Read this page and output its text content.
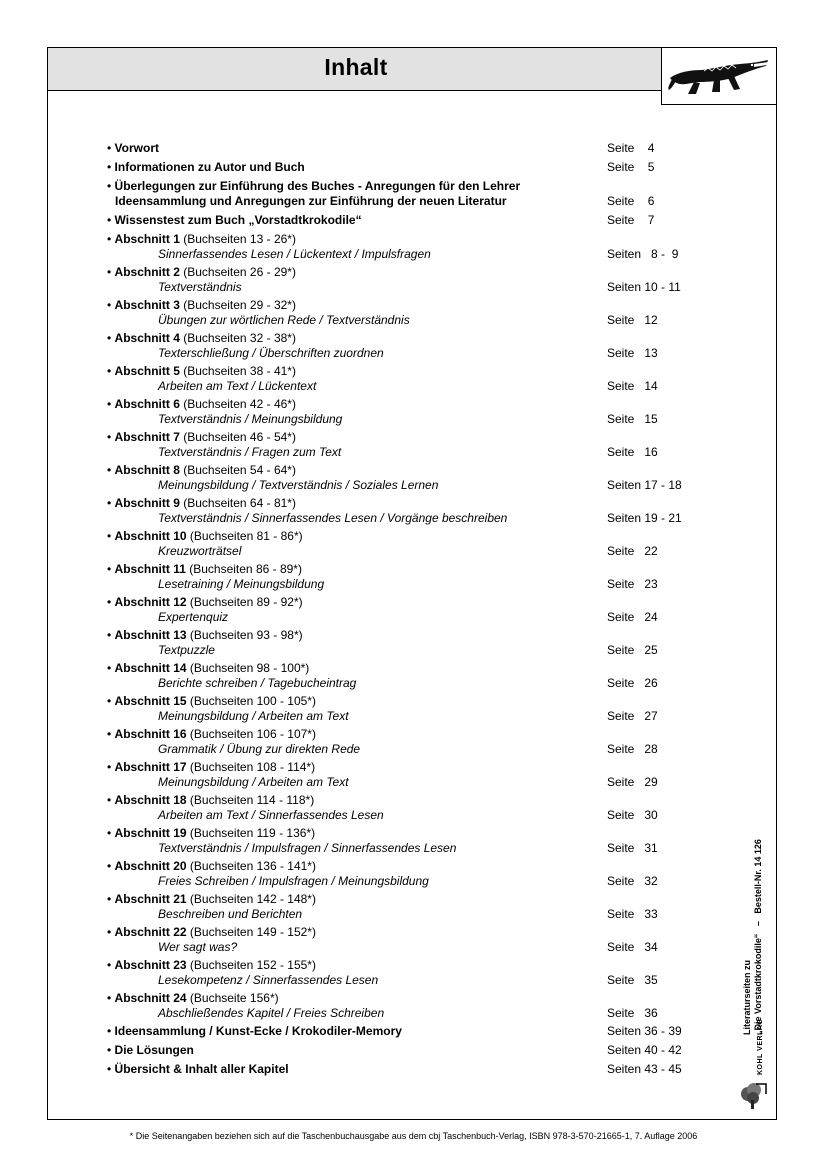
Inhalt
• Vorwort	Seite    4
• Informationen zu Autor und Buch	Seite    5
• Überlegungen zur Einführung des Buches - Anregungen für den Lehrer
Ideensammlung und Anregungen zur Einführung der neuen Literatur	Seite    6
• Wissenstest zum Buch „Vorstadtkrokodile“	Seite    7
• Abschnitt 1 (Buchseiten 13 - 26*)
Sinnerfassendes Lesen / Lückentext / Impulsfragen	Seiten   8 -  9
• Abschnitt 2 (Buchseiten 26 - 29*)
Textverständnis	Seiten 10 - 11
• Abschnitt 3 (Buchseiten 29 - 32*)
Übungen zur wörtlichen Rede / Textverständnis	Seite   12
• Abschnitt 4 (Buchseiten 32 - 38*)
Texterschließung / Überschriften zuordnen	Seite   13
• Abschnitt 5 (Buchseiten 38 - 41*)
Arbeiten am Text / Lückentext	Seite   14
• Abschnitt 6 (Buchseiten 42 - 46*)
Textverständnis / Meinungsbildung	Seite   15
• Abschnitt 7 (Buchseiten 46 - 54*)
Textverständnis / Fragen zum Text	Seite   16
• Abschnitt 8 (Buchseiten 54 - 64*)
Meinungsbildung / Textverständnis / Soziales Lernen	Seiten 17 - 18
• Abschnitt 9 (Buchseiten 64 - 81*)
Textverständnis / Sinnerfassendes Lesen / Vorgänge beschreiben	Seiten 19 - 21
• Abschnitt 10 (Buchseiten 81 - 86*)
Kreuzworträtsel	Seite   22
• Abschnitt 11 (Buchseiten 86 - 89*)
Lesetraining / Meinungsbildung	Seite   23
• Abschnitt 12 (Buchseiten 89 - 92*)
Expertenquiz	Seite   24
• Abschnitt 13 (Buchseiten 93 - 98*)
Textpuzzle	Seite   25
• Abschnitt 14 (Buchseiten 98 - 100*)
Berichte schreiben / Tagebucheintrag	Seite   26
• Abschnitt 15 (Buchseiten 100 - 105*)
Meinungsbildung / Arbeiten am Text	Seite   27
• Abschnitt 16 (Buchseiten 106 - 107*)
Grammatik / Übung zur direkten Rede	Seite   28
• Abschnitt 17 (Buchseiten 108 - 114*)
Meinungsbildung / Arbeiten am Text	Seite   29
• Abschnitt 18 (Buchseiten 114 - 118*)
Arbeiten am Text / Sinnerfassendes Lesen	Seite   30
• Abschnitt 19 (Buchseiten 119 - 136*)
Textverständnis / Impulsfragen / Sinnerfassendes Lesen	Seite   31
• Abschnitt 20 (Buchseiten 136 - 141*)
Freies Schreiben / Impulsfragen / Meinungsbildung	Seite   32
• Abschnitt 21 (Buchseiten 142 - 148*)
Beschreiben und Berichten	Seite   33
• Abschnitt 22 (Buchseiten 149 - 152*)
Wer sagt was?	Seite   34
• Abschnitt 23 (Buchseiten 152 - 155*)
Lesekompetenz / Sinnerfassendes Lesen	Seite   35
• Abschnitt 24 (Buchseite 156*)
Abschließendes Kapitel / Freies Schreiben	Seite   36
• Ideensammlung / Kunst-Ecke / Krokodiler-Memory	Seiten 36 - 39
• Die Lösungen	Seiten 40 - 42
• Übersicht & Inhalt aller Kapitel	Seiten 43 - 45
Literaturseiten zu
„Die Vorstadtkrokodile“   –   Bestell-Nr. 14 126
KOHL VERLAG
* Die Seitenangaben beziehen sich auf die Taschenbuchausgabe aus dem cbj Taschenbuch-Verlag, ISBN 978-3-570-21665-1, 7. Auflage 2006
